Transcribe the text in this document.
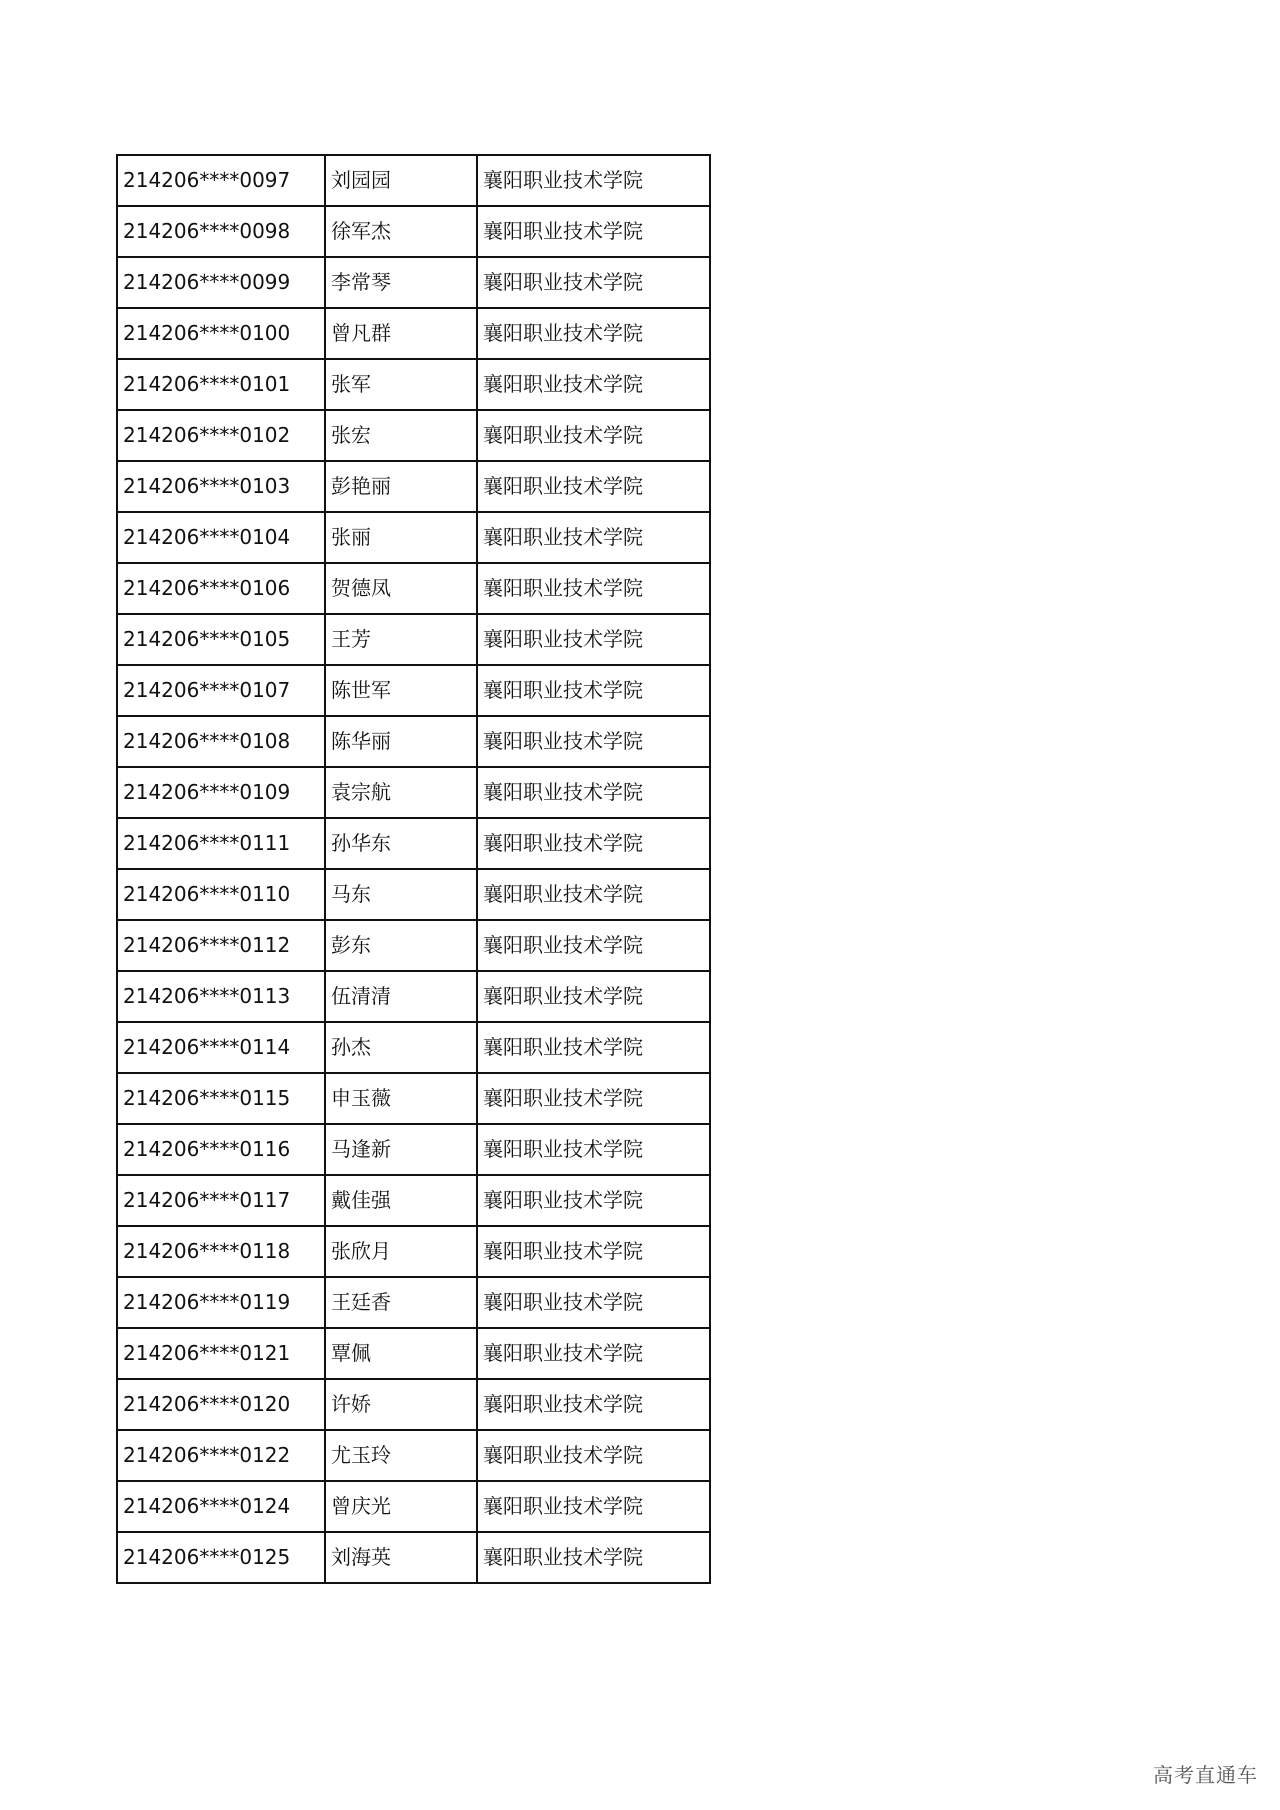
214206****0097	刘园园	襄阳职业技术学院
214206****0098	徐军杰	襄阳职业技术学院
214206****0099	李常琴	襄阳职业技术学院
214206****0100	曾凡群	襄阳职业技术学院
214206****0101	张军	襄阳职业技术学院
214206****0102	张宏	襄阳职业技术学院
214206****0103	彭艳丽	襄阳职业技术学院
214206****0104	张丽	襄阳职业技术学院
214206****0106	贺德凤	襄阳职业技术学院
214206****0105	王芳	襄阳职业技术学院
214206****0107	陈世军	襄阳职业技术学院
214206****0108	陈华丽	襄阳职业技术学院
214206****0109	袁宗航	襄阳职业技术学院
214206****0111	孙华东	襄阳职业技术学院
214206****0110	马东	襄阳职业技术学院
214206****0112	彭东	襄阳职业技术学院
214206****0113	伍清清	襄阳职业技术学院
214206****0114	孙杰	襄阳职业技术学院
214206****0115	申玉薇	襄阳职业技术学院
214206****0116	马逢新	襄阳职业技术学院
214206****0117	戴佳强	襄阳职业技术学院
214206****0118	张欣月	襄阳职业技术学院
214206****0119	王廷香	襄阳职业技术学院
214206****0121	覃佩	襄阳职业技术学院
214206****0120	许娇	襄阳职业技术学院
214206****0122	尤玉玲	襄阳职业技术学院
214206****0124	曾庆光	襄阳职业技术学院
214206****0125	刘海英	襄阳职业技术学院
高考直通车
